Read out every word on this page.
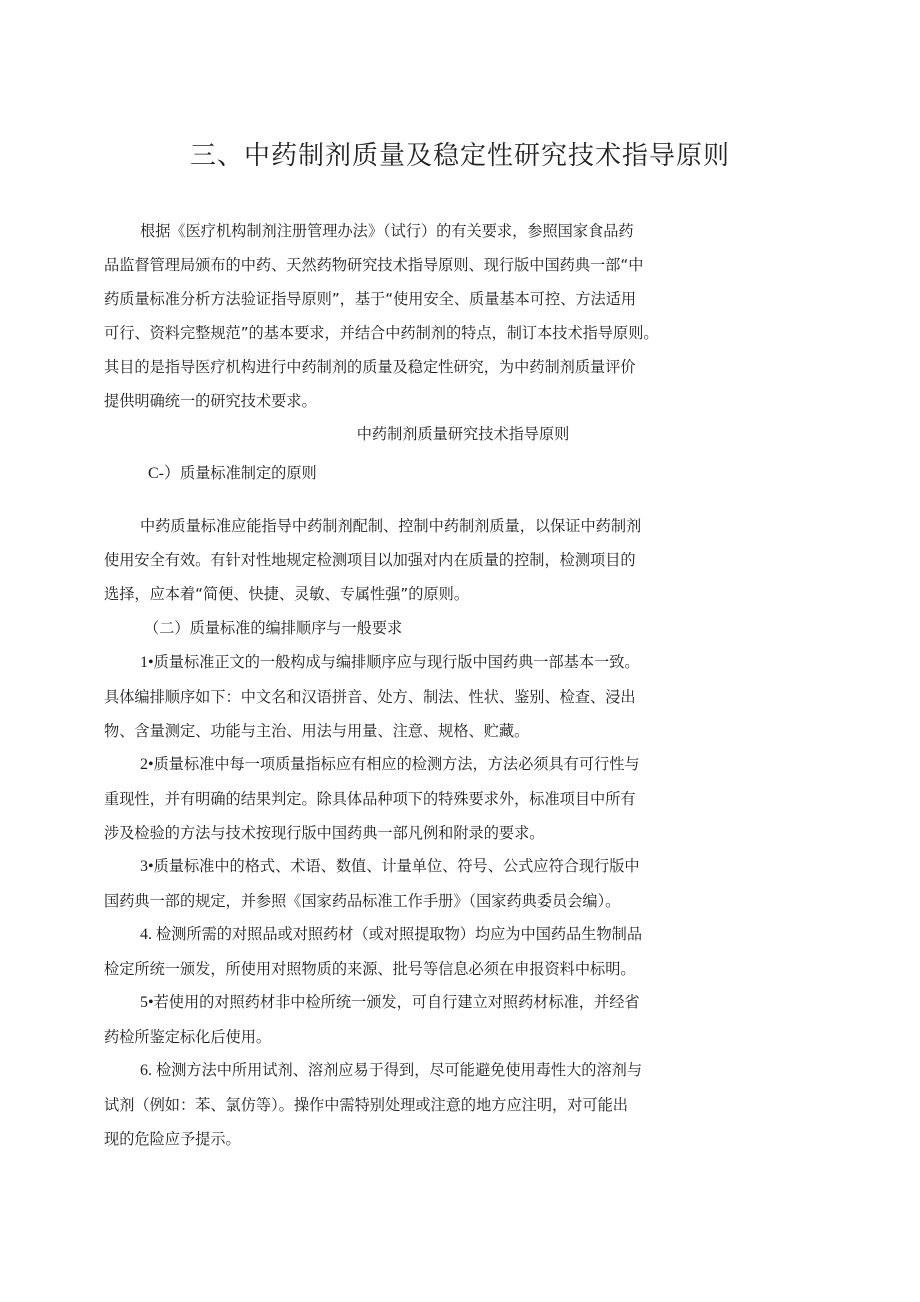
三、中药制剂质量及稳定性研究技术指导原则
根据《医疗机构制剂注册管理办法》（试行）的有关要求，参照国家食品药
品监督管理局颁布的中药、天然药物研究技术指导原则、现行版中国药典一部“中
药质量标准分析方法验证指导原则”，基于“使用安全、质量基本可控、方法适用
可行、资料完整规范”的基本要求，并结合中药制剂的特点，制订本技术指导原则。
其目的是指导医疗机构进行中药制剂的质量及稳定性研究，为中药制剂质量评价
提供明确统一的研究技术要求。
中药制剂质量研究技术指导原则
C-）质量标准制定的原则
中药质量标准应能指导中药制剂配制、控制中药制剂质量，以保证中药制剂
使用安全有效。有针对性地规定检测项目以加强对内在质量的控制，检测项目的
选择，应本着“简便、快捷、灵敏、专属性强”的原则。
（二）质量标准的编排顺序与一般要求
1•质量标准正文的一般构成与编排顺序应与现行版中国药典一部基本一致。
具体编排顺序如下：中文名和汉语拼音、处方、制法、性状、鉴别、检查、浸出
物、含量测定、功能与主治、用法与用量、注意、规格、贮藏。
2•质量标准中每一项质量指标应有相应的检测方法，方法必须具有可行性与
重现性，并有明确的结果判定。除具体品种项下的特殊要求外，标准项目中所有
涉及检验的方法与技术按现行版中国药典一部凡例和附录的要求。
3•质量标准中的格式、术语、数值、计量单位、符号、公式应符合现行版中
国药典一部的规定，并参照《国家药品标准工作手册》（国家药典委员会编）。
4. 检测所需的对照品或对照药材（或对照提取物）均应为中国药品生物制品
检定所统一颁发，所使用对照物质的来源、批号等信息必须在申报资料中标明。
5•若使用的对照药材非中检所统一颁发，可自行建立对照药材标准，并经省
药检所鉴定标化后使用。
6. 检测方法中所用试剂、溶剂应易于得到，尽可能避免使用毒性大的溶剂与
试剂（例如：苯、氯仿等）。操作中需特别处理或注意的地方应注明，对可能出
现的危险应予提示。
